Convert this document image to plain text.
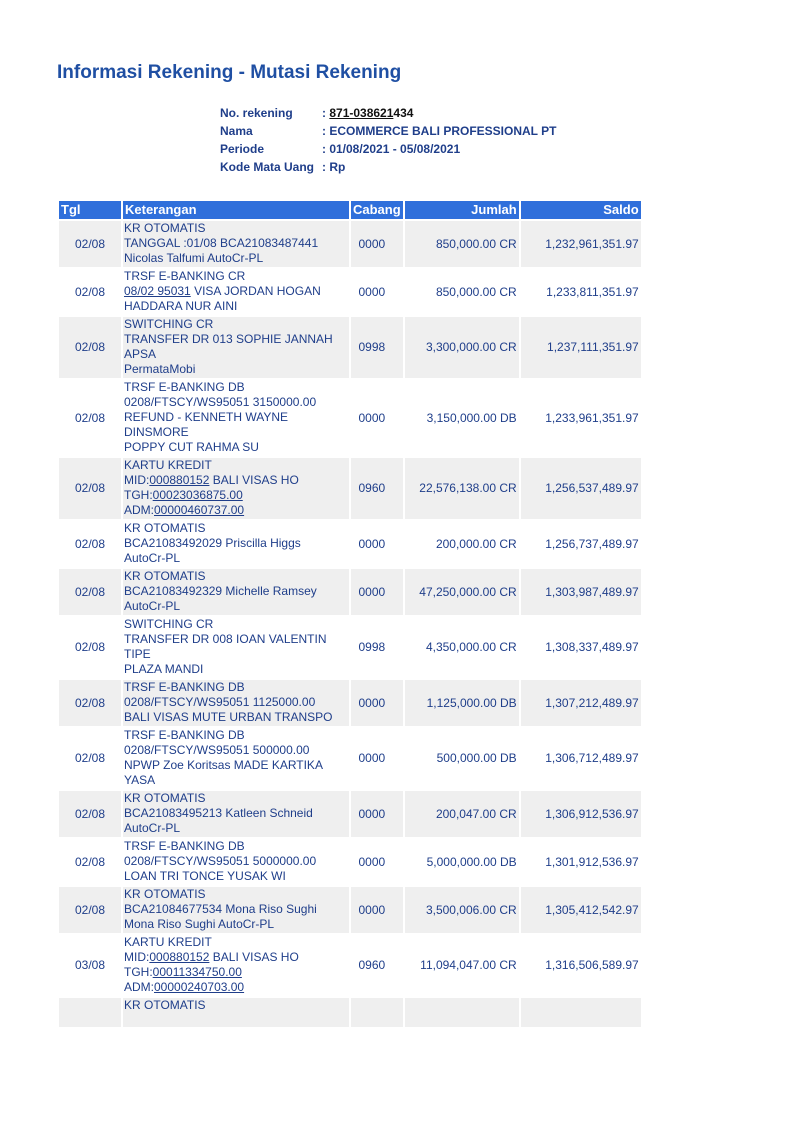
Informasi Rekening - Mutasi Rekening
No. rekening	: 871-038621434
Nama	: ECOMMERCE BALI PROFESSIONAL PT
Periode	: 01/08/2021 - 05/08/2021
Kode Mata Uang	: Rp
Tgl	Keterangan	Cabang	Jumlah	Saldo
02/08	KR OTOMATIS
TANGGAL :01/08 BCA21083487441
Nicolas Talfumi AutoCr-PL	0000	850,000.00 CR	1,232,961,351.97
02/08	TRSF E-BANKING CR
08/02 95031 VISA JORDAN HOGAN
HADDARA NUR AINI	0000	850,000.00 CR	1,233,811,351.97
02/08	SWITCHING CR
TRANSFER DR 013 SOPHIE JANNAH
APSA
PermataMobi	0998	3,300,000.00 CR	1,237,111,351.97
02/08	TRSF E-BANKING DB
0208/FTSCY/WS95051 3150000.00
REFUND - KENNETH WAYNE
DINSMORE
POPPY CUT RAHMA SU	0000	3,150,000.00 DB	1,233,961,351.97
02/08	KARTU KREDIT
MID:000880152 BALI VISAS HO
TGH:00023036875.00
ADM:00000460737.00	0960	22,576,138.00 CR	1,256,537,489.97
02/08	KR OTOMATIS
BCA21083492029 Priscilla Higgs
AutoCr-PL	0000	200,000.00 CR	1,256,737,489.97
02/08	KR OTOMATIS
BCA21083492329 Michelle Ramsey
AutoCr-PL	0000	47,250,000.00 CR	1,303,987,489.97
02/08	SWITCHING CR
TRANSFER DR 008 IOAN VALENTIN
TIPE
PLAZA MANDI	0998	4,350,000.00 CR	1,308,337,489.97
02/08	TRSF E-BANKING DB
0208/FTSCY/WS95051 1125000.00
BALI VISAS MUTE URBAN TRANSPO	0000	1,125,000.00 DB	1,307,212,489.97
02/08	TRSF E-BANKING DB
0208/FTSCY/WS95051 500000.00
NPWP Zoe Koritsas MADE KARTIKA
YASA	0000	500,000.00 DB	1,306,712,489.97
02/08	KR OTOMATIS
BCA21083495213 Katleen Schneid
AutoCr-PL	0000	200,047.00 CR	1,306,912,536.97
02/08	TRSF E-BANKING DB
0208/FTSCY/WS95051 5000000.00
LOAN TRI TONCE YUSAK WI	0000	5,000,000.00 DB	1,301,912,536.97
02/08	KR OTOMATIS
BCA21084677534 Mona Riso Sughi
Mona Riso Sughi AutoCr-PL	0000	3,500,006.00 CR	1,305,412,542.97
03/08	KARTU KREDIT
MID:000880152 BALI VISAS HO
TGH:00011334750.00
ADM:00000240703.00	0960	11,094,047.00 CR	1,316,506,589.97

	KR OTOMATIS			
